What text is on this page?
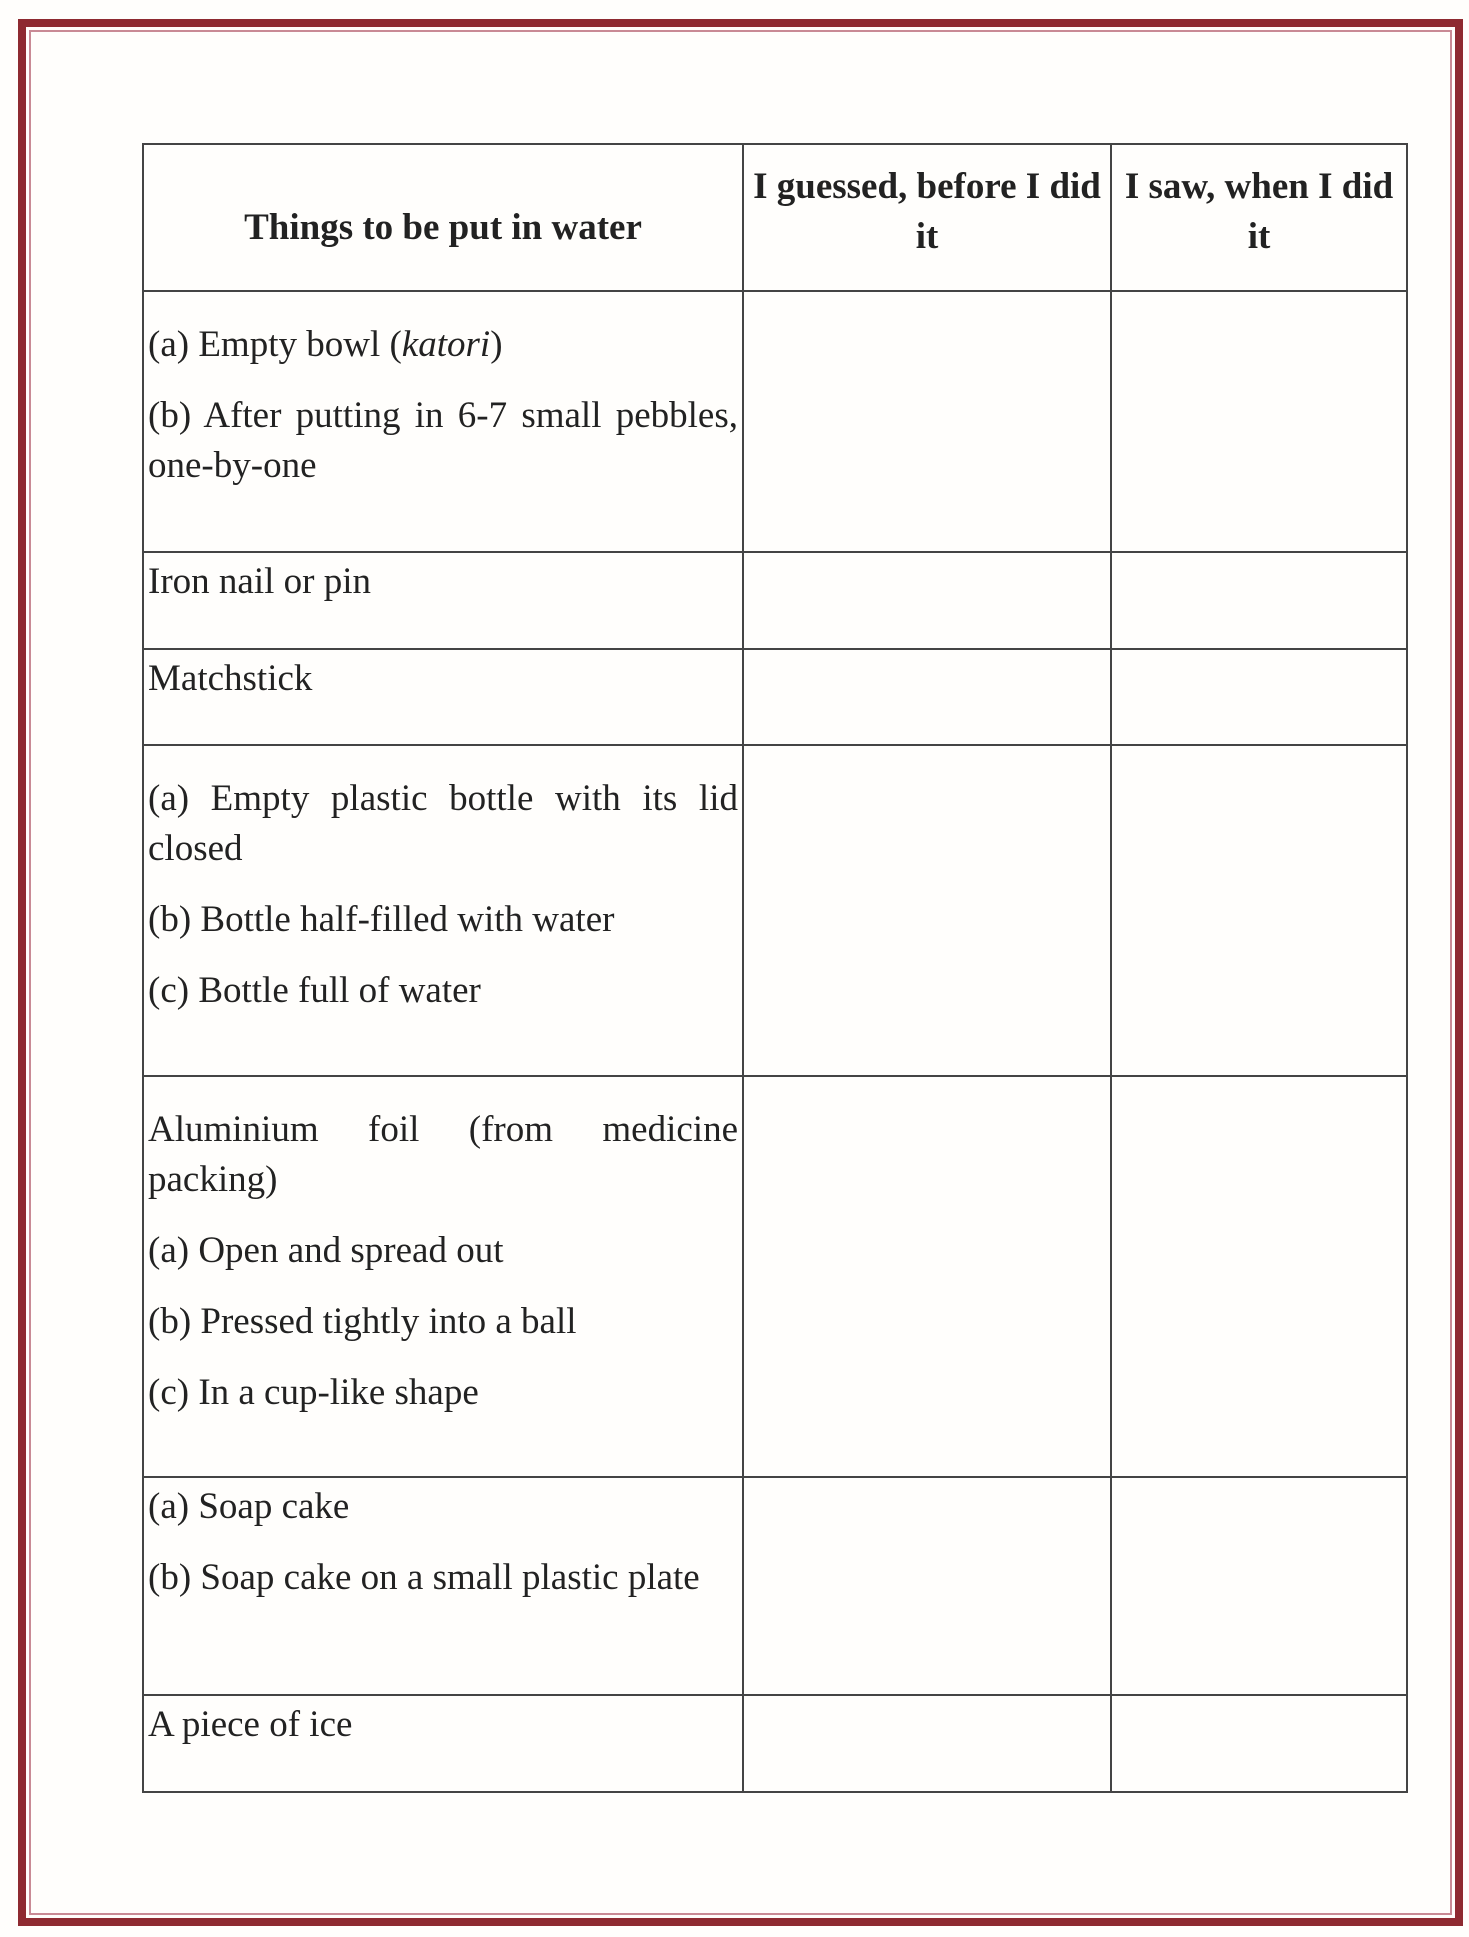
Things to be put in water	I guessed, before I did it	I saw, when I did it

(a) Empty bowl (katori)
(b) After putting in 6-7 small pebbles, one-by-one		

Iron nail or pin		

Matchstick		

(a) Empty plastic bottle with its lid closed
(b) Bottle half-filled with water
(c) Bottle full of water		

Aluminium foil (from medicine packing)
(a) Open and spread out
(b) Pressed tightly into a ball
(c) In a cup-like shape		

(a) Soap cake
(b) Soap cake on a small plastic plate		

A piece of ice		
